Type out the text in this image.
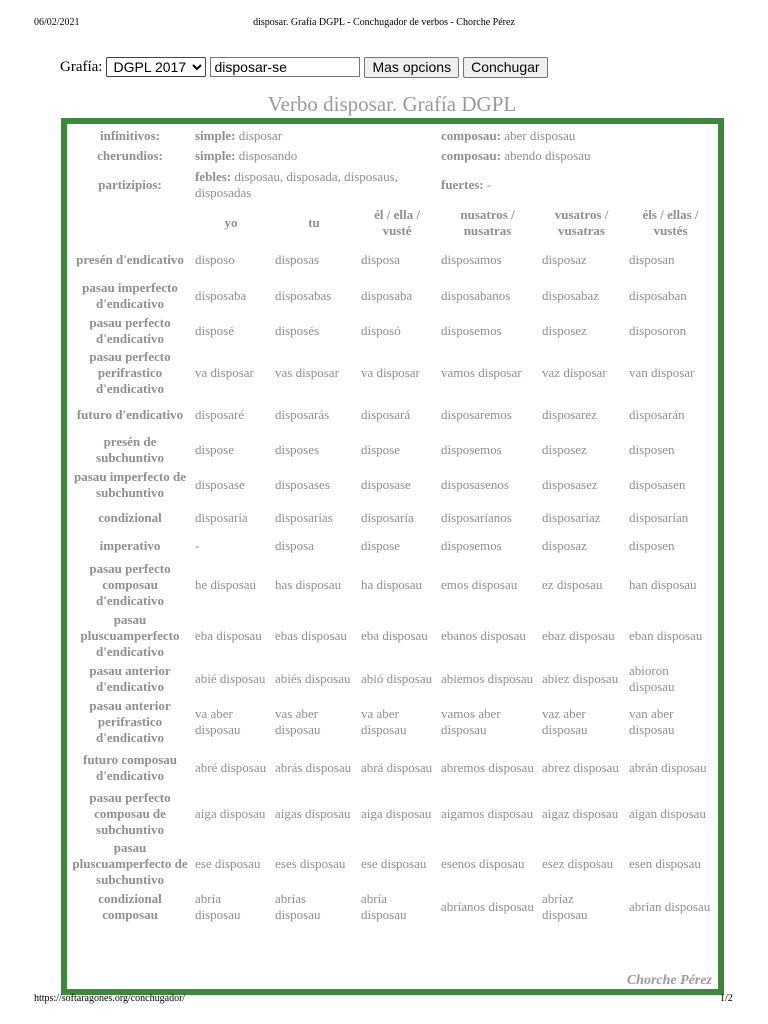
06/02/2021	disposar. Grafía DGPL - Conchugador de verbos - Chorche Pérez
Grafía:
DGPL 2017
disposar-se	Mas opcions	Conchugar
Verbo disposar. Grafía DGPL
infinitivos:	simple: disposar			composau: aber disposau		
cherundios:	simple: disposando			composau: abendo disposau		
partizipios:	febles: disposau, disposada, disposaus, disposadas			fuertes: -		
	yo	tu	él / ella / vusté	nusatros / nusatras	vusatros / vusatras	éls / ellas / vustés
presén d'endicativo	disposo	disposas	disposa	disposamos	disposaz	disposan
pasau imperfecto d'endicativo	disposaba	disposabas	disposaba	disposabanos	disposabaz	disposaban
pasau perfecto d'endicativo	disposé	disposés	disposó	disposemos	disposez	disposoron
pasau perfecto perifrastico d'endicativo	va disposar	vas disposar	va disposar	vamos disposar	vaz disposar	van disposar
futuro d'endicativo	disposaré	disposarás	disposará	disposaremos	disposarez	disposarán
presén de subchuntivo	dispose	disposes	dispose	disposemos	disposez	disposen
pasau imperfecto de subchuntivo	disposase	disposases	disposase	disposasenos	disposasez	disposasen
condizional	disposaría	disposarías	disposaría	disposaríanos	disposaríaz	disposarían
imperativo	-	disposa	dispose	disposemos	disposaz	disposen
pasau perfecto composau d'endicativo	he disposau	has disposau	ha disposau	emos disposau	ez disposau	han disposau
pasau pluscuamperfecto d'endicativo	eba disposau	ebas disposau	eba disposau	ebanos disposau	ebaz disposau	eban disposau
pasau anterior d'endicativo	abié disposau	abiés disposau	abió disposau	abiemos disposau	abiez disposau	abioron disposau
pasau anterior perifrastico d'endicativo	va aber disposau	vas aber disposau	va aber disposau	vamos aber disposau	vaz aber disposau	van aber disposau
futuro composau d'endicativo	abré disposau	abrás disposau	abrá disposau	abremos disposau	abrez disposau	abrán disposau
pasau perfecto composau de subchuntivo	aiga disposau	aigas disposau	aiga disposau	aigamos disposau	aigaz disposau	aigan disposau
pasau pluscuamperfecto de subchuntivo	ese disposau	eses disposau	ese disposau	esenos disposau	esez disposau	esen disposau
condizional composau	abría disposau	abrías disposau	abría disposau	abríanos disposau	abríaz disposau	abrían disposau
Chorche Pérez
https://softaragones.org/conchugador/	1/2
